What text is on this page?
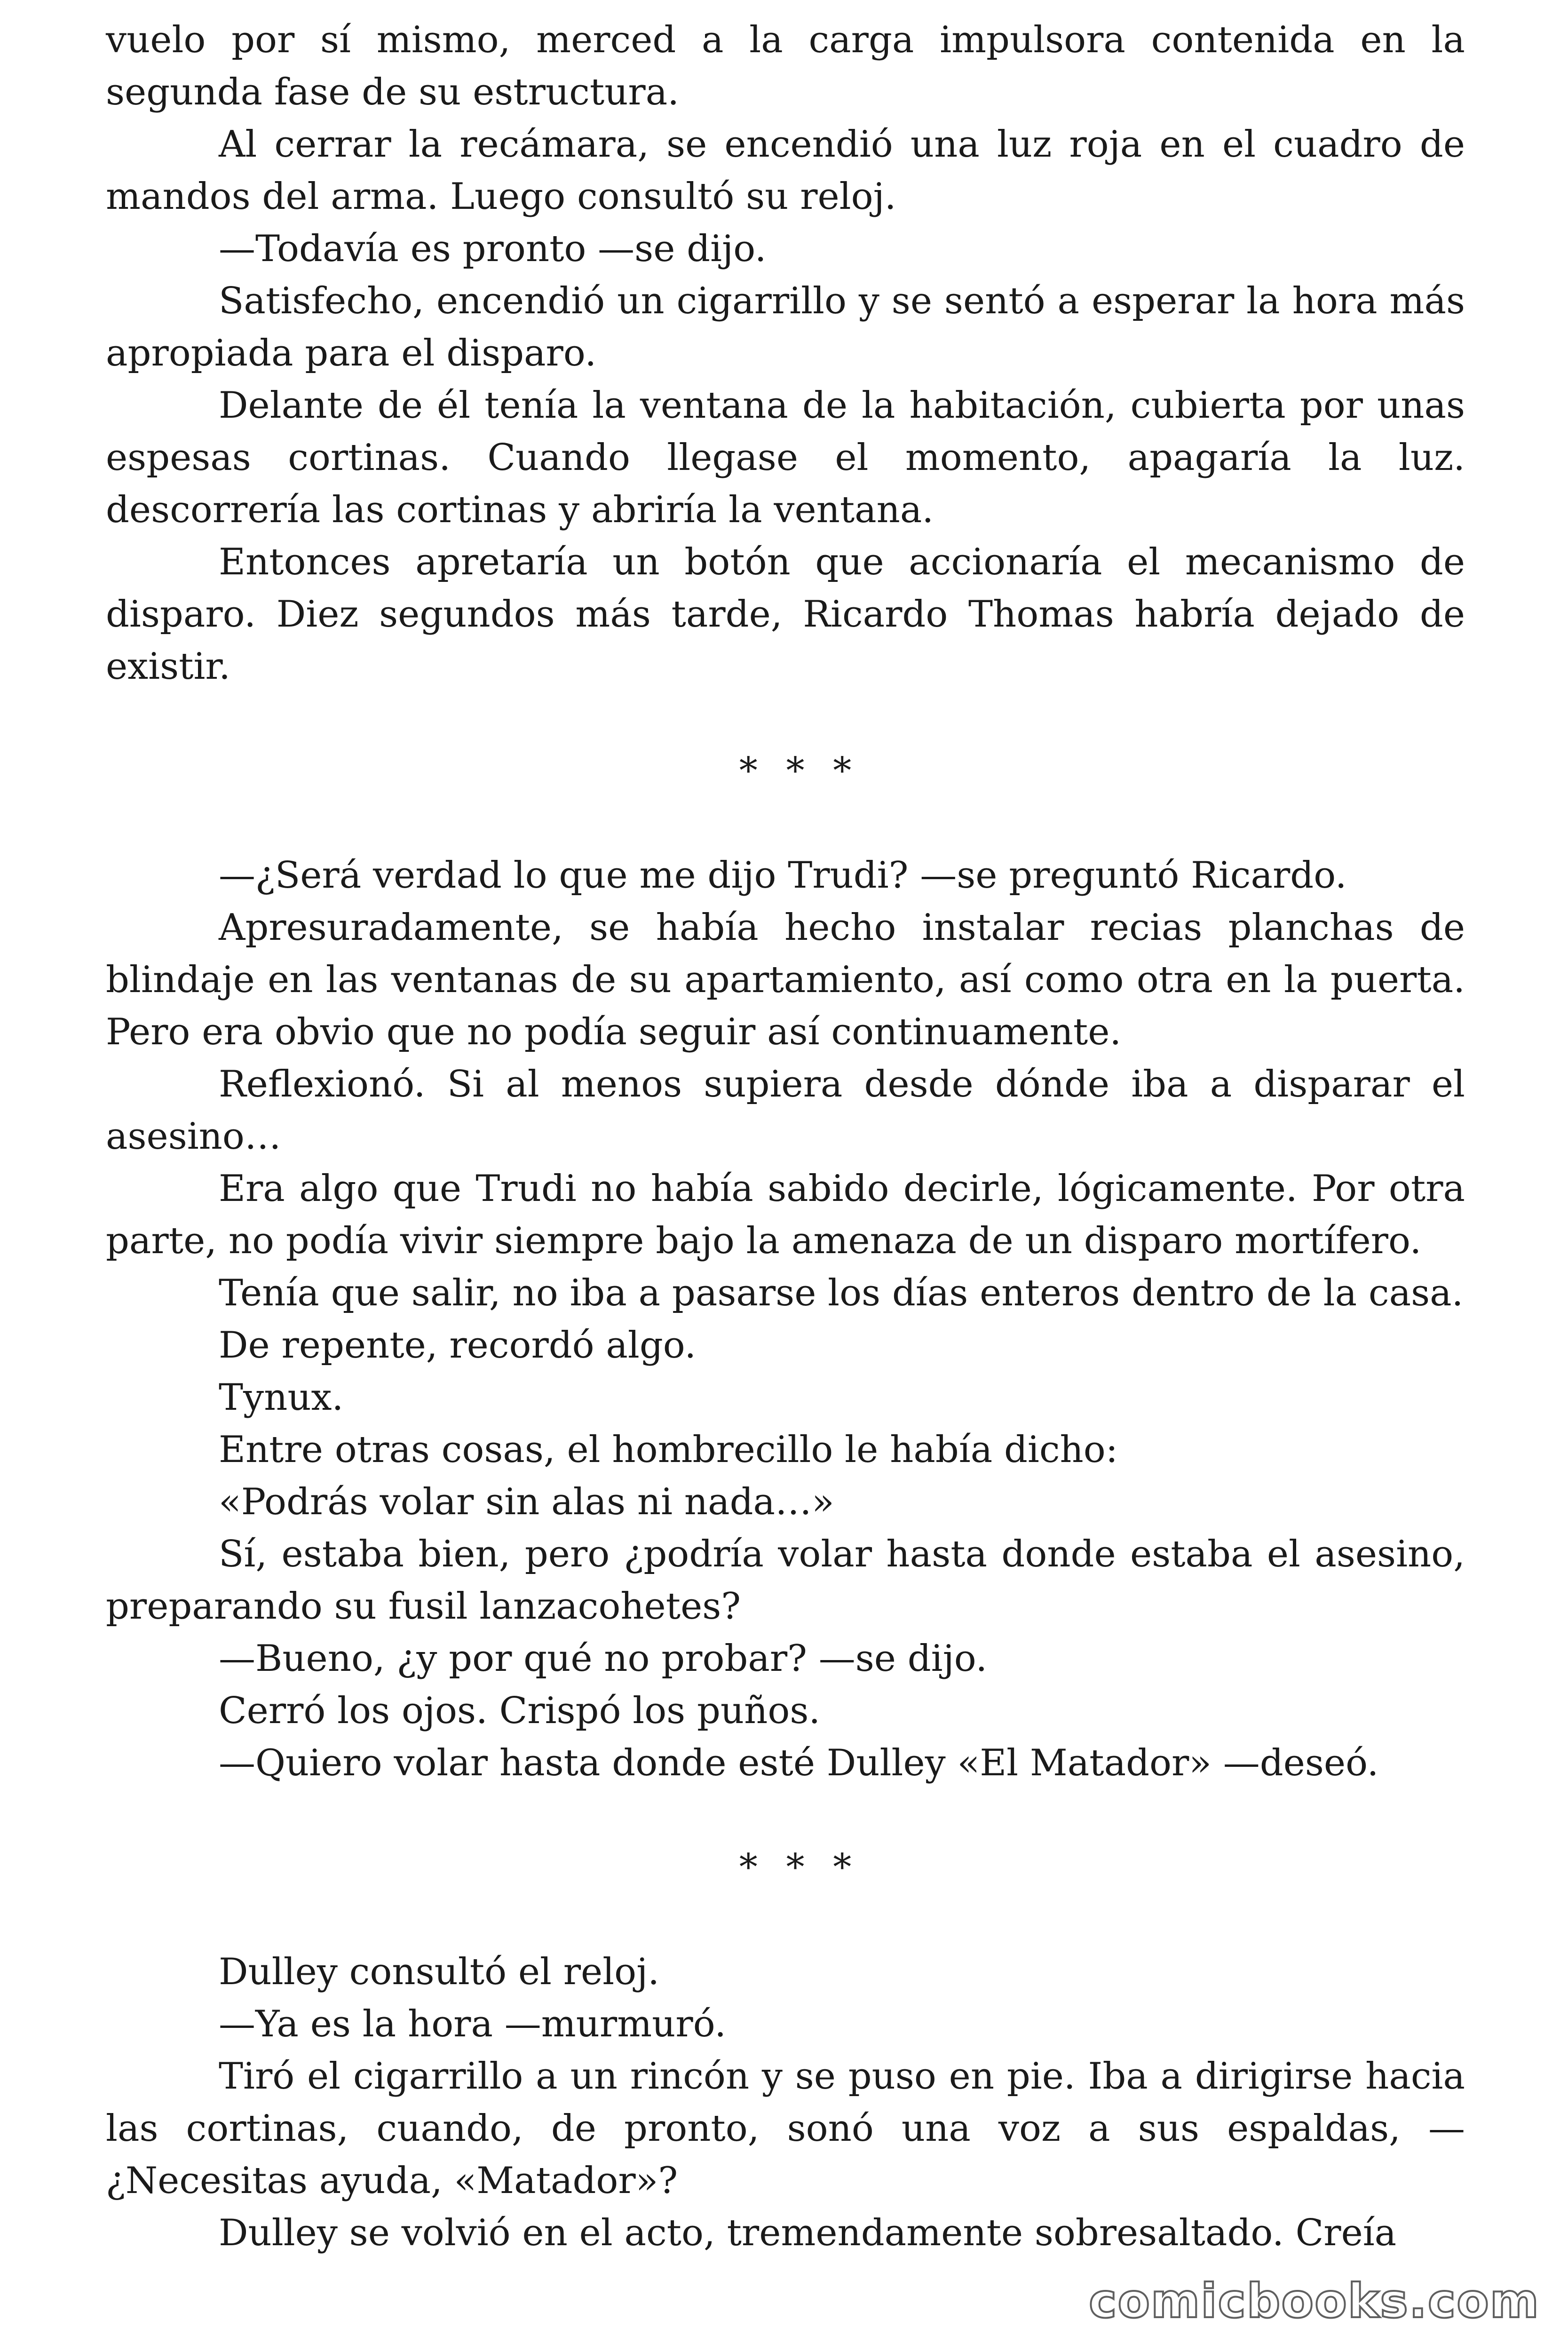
vuelo por sí mismo, merced a la carga impulsora contenida en la segunda fase de su estructura.

Al cerrar la recámara, se encendió una luz roja en el cuadro de mandos del arma. Luego consultó su reloj.

—Todavía es pronto —se dijo.

Satisfecho, encendió un cigarrillo y se sentó a esperar la hora más apropiada para el disparo.

Delante de él tenía la ventana de la habitación, cubierta por unas espesas cortinas. Cuando llegase el momento, apagaría la luz. descorrería las cortinas y abriría la ventana.

Entonces apretaría un botón que accionaría el mecanismo de disparo. Diez segundos más tarde, Ricardo Thomas habría dejado de existir.

* * *

—¿Será verdad lo que me dijo Trudi? —se preguntó Ricardo.

Apresuradamente, se había hecho instalar recias planchas de blindaje en las ventanas de su apartamiento, así como otra en la puerta. Pero era obvio que no podía seguir así continuamente.

Reflexionó. Si al menos supiera desde dónde iba a disparar el asesino…

Era algo que Trudi no había sabido decirle, lógicamente. Por otra parte, no podía vivir siempre bajo la amenaza de un disparo mortífero.

Tenía que salir, no iba a pasarse los días enteros dentro de la casa.

De repente, recordó algo.

Tynux.

Entre otras cosas, el hombrecillo le había dicho:

«Podrás volar sin alas ni nada…»

Sí, estaba bien, pero ¿podría volar hasta donde estaba el asesino, preparando su fusil lanzacohetes?

—Bueno, ¿y por qué no probar? —se dijo.

Cerró los ojos. Crispó los puños.

—Quiero volar hasta donde esté Dulley «El Matador» —deseó.

* * *

Dulley consultó el reloj.

—Ya es la hora —murmuró.

Tiró el cigarrillo a un rincón y se puso en pie. Iba a dirigirse hacia las cortinas, cuando, de pronto, sonó una voz a sus espaldas, —¿Necesitas ayuda, «Matador»?

Dulley se volvió en el acto, tremendamente sobresaltado. Creía

comicbooks.com
